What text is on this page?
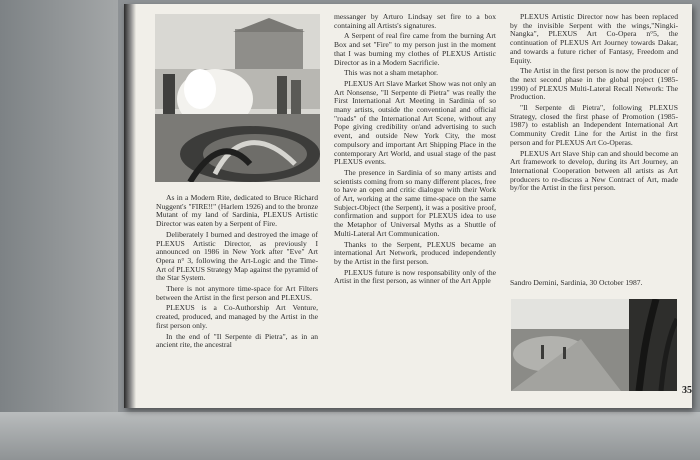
As in a Modern Rite, dedicated to Bruce Richard Nuggent's "FIRE!!" (Harlem 1926) and to the bronze Mutant of my land of Sardinia, PLEXUS Artistic Director was eaten by a Serpent of Fire.

Deliberately I burned and destroyed the image of PLEXUS Artistic Director, as previously I announced on 1986 in New York after "Eve" Art Opera n° 3, following the Art-Logic and the Time-Art of PLEXUS Strategy Map against the pyramid of the Star System.

There is not anymore time-space for Art Filters between the Artist in the first person and PLEXUS.

PLEXUS is a Co-Authorship Art Venture, created, produced, and managed by the Artist in the first person only.

In the end of "Il Serpente di Pietra", as in an ancient rite, the ancestral

messanger by Arturo Lindsay set fire to a box containing all Artists's signatures.

A Serpent of real fire came from the burning Art Box and set "Fire" to my person just in the moment that I was burning my clothes of PLEXUS Artistic Director as in a Modern Sacrificie.

This was not a sham metaphor.

PLEXUS Art Slave Market Show was not only an Art Nonsense, "Il Serpente di Pietra" was really the First International Art Meeting in Sardinia of so many artists, outside the conventional and official "roads" of the International Art Scene, without any Pope giving credibility or/and advertising to such event, and outside New York City, the most compulsory and important Art Shipping Place in the contemporary Art World, and usual stage of the past PLEXUS events.

The presence in Sardinia of so many artists and scientists coming from so many different places, free to have an open and critic dialogue with their Work of Art, working at the same time-space on the same Subject-Object (the Serpent), it was a positive proof, confirmation and support for PLEXUS idea to use the Metaphor of Universal Myths as a Shuttle of Multi-Lateral Art Communication.

Thanks to the Serpent, PLEXUS became an international Art Network, produced independently by the Artist in the first person.

PLEXUS future is now responsability only of the Artist in the first person, as winner of the Art Apple

PLEXUS Artistic Director now has been replaced by the invisible Serpent with the wings,"Ningki-Nangka", PLEXUS Art Co-Opera n°5, the continuation of PLEXUS Art Journey towards Dakar, and towards a future richer of Fantasy, Freedom and Equity.

The Artist in the first person is now the producer of the next second phase in the global project (1985-1990) of PLEXUS Multi-Lateral Recall Network: The Production.

"Il Serpente di Pietra", following PLEXUS Strategy, closed the first phase of Promotion (1985-1987) to establish an Independent International Art Community Credit Line for the Artist in the first person and for PLEXUS Art Co-Operas.

PLEXUS Art Slave Ship can and should become an Art framework to develop, during its Art Journey, an International Cooperation between all artists as Art producers to re-discuss a New Contract of Art, made by/for the Artist in the first person.

Sandro Dernini, Sardinia, 30 October 1987.
35
